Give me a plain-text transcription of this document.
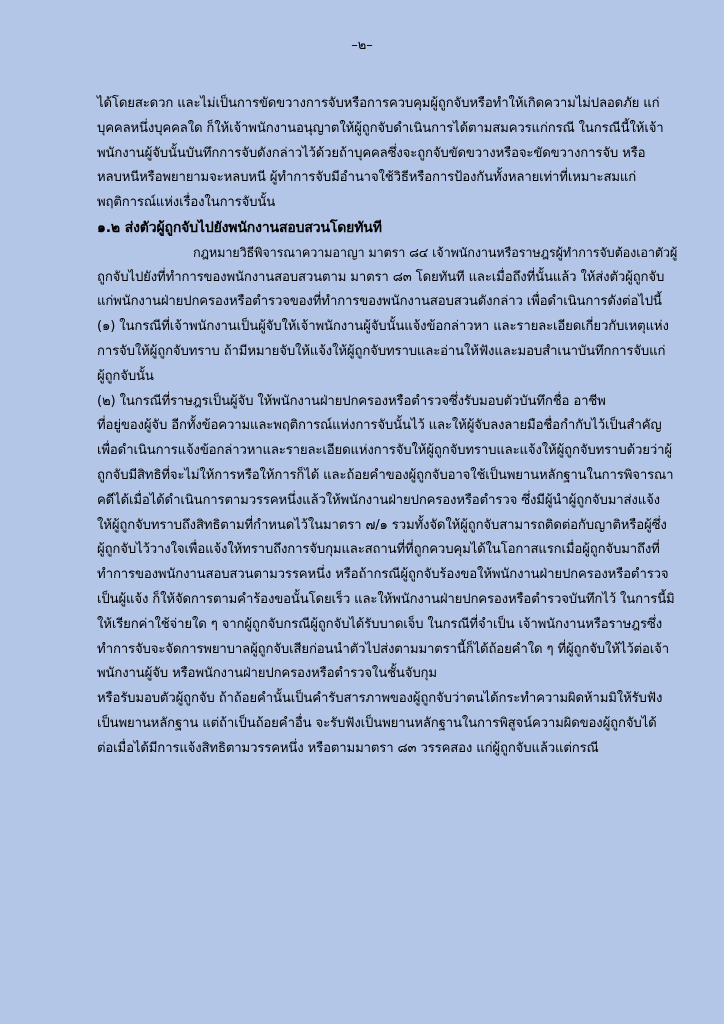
–๒–
ได้โดยสะดวก และไม่เป็นการขัดขวางการจับหรือการควบคุมผู้ถูกจับหรือทำให้เกิดความไม่ปลอดภัย แก่
บุคคลหนึ่งบุคคลใด ก็ให้เจ้าพนักงานอนุญาตให้ผู้ถูกจับดำเนินการได้ตามสมควรแก่กรณี ในกรณีนี้ให้เจ้า
พนักงานผู้จับนั้นบันทึกการจับดังกล่าวไว้ด้วยถ้าบุคคลซึ่งจะถูกจับขัดขวางหรือจะขัดขวางการจับ หรือ
หลบหนีหรือพยายามจะหลบหนี ผู้ทำการจับมีอำนาจใช้วิธีหรือการป้องกันทั้งหลายเท่าที่เหมาะสมแก่
พฤติการณ์แห่งเรื่องในการจับนั้น
๑.๒ ส่งตัวผู้ถูกจับไปยังพนักงานสอบสวนโดยทันที
กฎหมายวิธีพิจารณาความอาญา มาตรา ๘๔ เจ้าพนักงานหรือราษฎรผู้ทำการจับต้องเอาตัวผู้
ถูกจับไปยังที่ทำการของพนักงานสอบสวนตาม มาตรา ๘๓ โดยทันที และเมื่อถึงที่นั้นแล้ว ให้ส่งตัวผู้ถูกจับ
แก่พนักงานฝ่ายปกครองหรือตำรวจของที่ทำการของพนักงานสอบสวนดังกล่าว เพื่อดำเนินการดังต่อไปนี้
(๑) ในกรณีที่เจ้าพนักงานเป็นผู้จับให้เจ้าพนักงานผู้จับนั้นแจ้งข้อกล่าวหา และรายละเอียดเกี่ยวกับเหตุแห่ง
การจับให้ผู้ถูกจับทราบ ถ้ามีหมายจับให้แจ้งให้ผู้ถูกจับทราบและอ่านให้ฟังและมอบสำเนาบันทึกการจับแก่
ผู้ถูกจับนั้น
(๒) ในกรณีที่ราษฎรเป็นผู้จับ ให้พนักงานฝ่ายปกครองหรือตำรวจซึ่งรับมอบตัวบันทึกชื่อ อาชีพ
ที่อยู่ของผู้จับ อีกทั้งข้อความและพฤติการณ์แห่งการจับนั้นไว้ และให้ผู้จับลงลายมือชื่อกำกับไว้เป็นสำคัญ
เพื่อดำเนินการแจ้งข้อกล่าวหาและรายละเอียดแห่งการจับให้ผู้ถูกจับทราบและแจ้งให้ผู้ถูกจับทราบด้วยว่าผู้
ถูกจับมีสิทธิที่จะไม่ให้การหรือให้การก็ได้ และถ้อยคำของผู้ถูกจับอาจใช้เป็นพยานหลักฐานในการพิจารณา
คดีได้เมื่อได้ดำเนินการตามวรรคหนึ่งแล้วให้พนักงานฝ่ายปกครองหรือตำรวจ ซึ่งมีผู้นำผู้ถูกจับมาส่งแจ้ง
ให้ผู้ถูกจับทราบถึงสิทธิตามที่กำหนดไว้ในมาตรา ๗/๑ รวมทั้งจัดให้ผู้ถูกจับสามารถติดต่อกับญาติหรือผู้ซึ่ง
ผู้ถูกจับไว้วางใจเพื่อแจ้งให้ทราบถึงการจับกุมและสถานที่ที่ถูกควบคุมได้ในโอกาสแรกเมื่อผู้ถูกจับมาถึงที่
ทำการของพนักงานสอบสวนตามวรรคหนึ่ง หรือถ้ากรณีผู้ถูกจับร้องขอให้พนักงานฝ่ายปกครองหรือตำรวจ
เป็นผู้แจ้ง ก็ให้จัดการตามคำร้องขอนั้นโดยเร็ว และให้พนักงานฝ่ายปกครองหรือตำรวจบันทึกไว้ ในการนี้มิ
ให้เรียกค่าใช้จ่ายใด ๆ จากผู้ถูกจับกรณีผู้ถูกจับได้รับบาดเจ็บ ในกรณีที่จำเป็น เจ้าพนักงานหรือราษฎรซึ่ง
ทำการจับจะจัดการพยาบาลผู้ถูกจับเสียก่อนนำตัวไปส่งตามมาตรานี้ก็ได้ถ้อยคำใด ๆ ที่ผู้ถูกจับให้ไว้ต่อเจ้า
พนักงานผู้จับ หรือพนักงานฝ่ายปกครองหรือตำรวจในชั้นจับกุม
หรือรับมอบตัวผู้ถูกจับ ถ้าถ้อยคำนั้นเป็นคำรับสารภาพของผู้ถูกจับว่าตนได้กระทำความผิดห้ามมิให้รับฟัง
เป็นพยานหลักฐาน แต่ถ้าเป็นถ้อยคำอื่น จะรับฟังเป็นพยานหลักฐานในการพิสูจน์ความผิดของผู้ถูกจับได้
ต่อเมื่อได้มีการแจ้งสิทธิตามวรรคหนึ่ง หรือตามมาตรา ๘๓ วรรคสอง แก่ผู้ถูกจับแล้วแต่กรณี
